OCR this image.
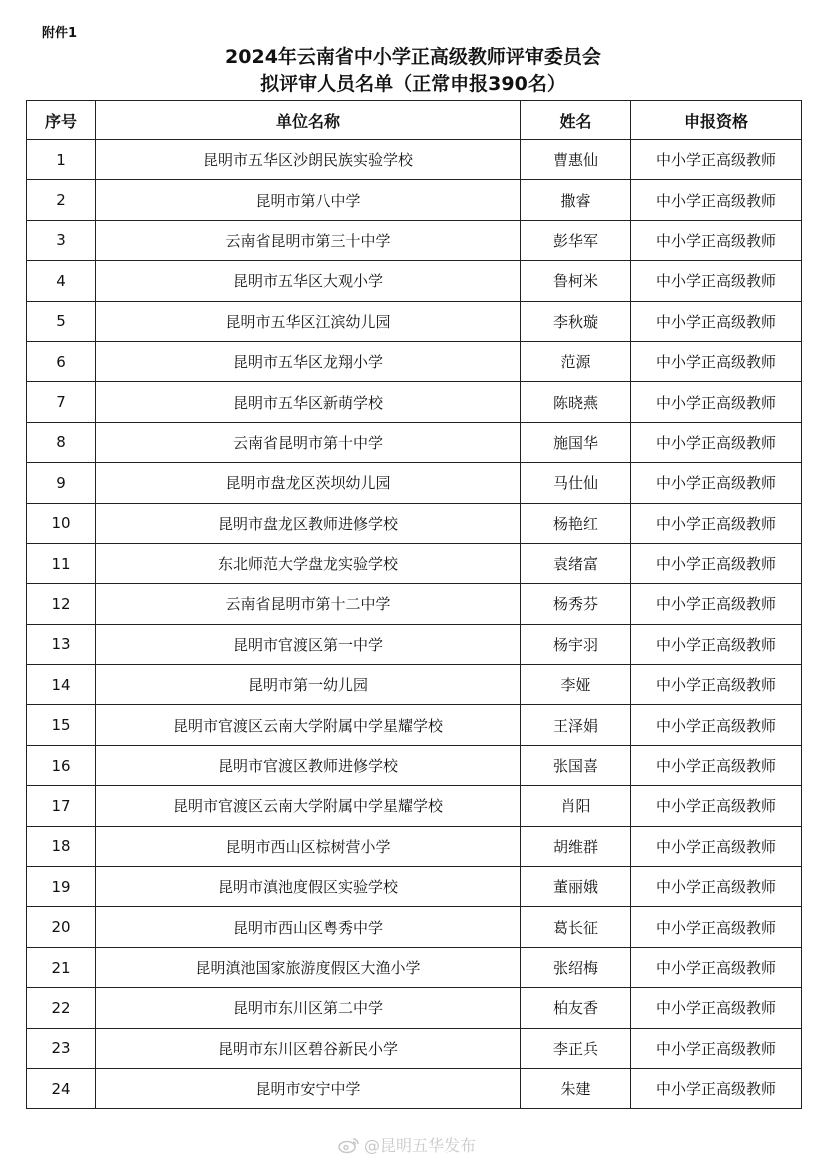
附件1
2024年云南省中小学正高级教师评审委员会
拟评审人员名单（正常申报390名）
序号	单位名称	姓名	申报资格
1	昆明市五华区沙朗民族实验学校	曹惠仙	中小学正高级教师
2	昆明市第八中学	撒睿	中小学正高级教师
3	云南省昆明市第三十中学	彭华军	中小学正高级教师
4	昆明市五华区大观小学	鲁柯米	中小学正高级教师
5	昆明市五华区江滨幼儿园	李秋璇	中小学正高级教师
6	昆明市五华区龙翔小学	范源	中小学正高级教师
7	昆明市五华区新萌学校	陈晓燕	中小学正高级教师
8	云南省昆明市第十中学	施国华	中小学正高级教师
9	昆明市盘龙区茨坝幼儿园	马仕仙	中小学正高级教师
10	昆明市盘龙区教师进修学校	杨艳红	中小学正高级教师
11	东北师范大学盘龙实验学校	袁绪富	中小学正高级教师
12	云南省昆明市第十二中学	杨秀芬	中小学正高级教师
13	昆明市官渡区第一中学	杨宇羽	中小学正高级教师
14	昆明市第一幼儿园	李娅	中小学正高级教师
15	昆明市官渡区云南大学附属中学星耀学校	王泽娟	中小学正高级教师
16	昆明市官渡区教师进修学校	张国喜	中小学正高级教师
17	昆明市官渡区云南大学附属中学星耀学校	肖阳	中小学正高级教师
18	昆明市西山区棕树营小学	胡维群	中小学正高级教师
19	昆明市滇池度假区实验学校	董丽娥	中小学正高级教师
20	昆明市西山区粤秀中学	葛长征	中小学正高级教师
21	昆明滇池国家旅游度假区大渔小学	张绍梅	中小学正高级教师
22	昆明市东川区第二中学	柏友香	中小学正高级教师
23	昆明市东川区碧谷新民小学	李正兵	中小学正高级教师
24	昆明市安宁中学	朱建	中小学正高级教师
@昆明五华发布
